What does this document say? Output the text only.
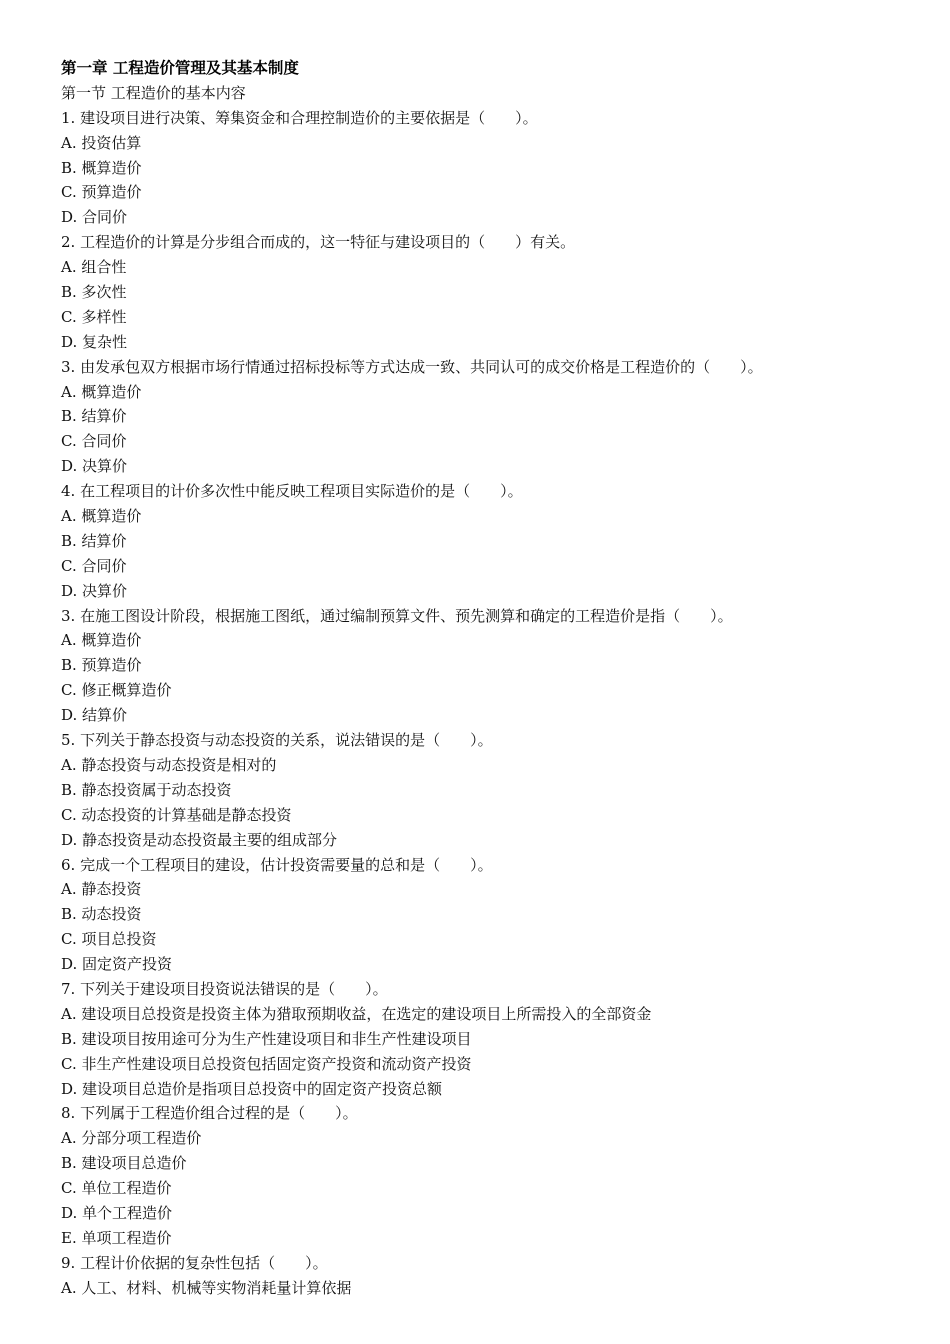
第一章 工程造价管理及其基本制度
第一节 工程造价的基本内容
1. 建设项目进行决策、筹集资金和合理控制造价的主要依据是（　　）。
A. 投资估算
B. 概算造价
C. 预算造价
D. 合同价
2. 工程造价的计算是分步组合而成的，这一特征与建设项目的（　　）有关。
A. 组合性
B. 多次性
C. 多样性
D. 复杂性
3. 由发承包双方根据市场行情通过招标投标等方式达成一致、共同认可的成交价格是工程造价的（　　）。
A. 概算造价
B. 结算价
C. 合同价
D. 决算价
4. 在工程项目的计价多次性中能反映工程项目实际造价的是（　　）。
A. 概算造价
B. 结算价
C. 合同价
D. 决算价
3. 在施工图设计阶段，根据施工图纸，通过编制预算文件、预先测算和确定的工程造价是指（　　）。
A. 概算造价
B. 预算造价
C. 修正概算造价
D. 结算价
5. 下列关于静态投资与动态投资的关系，说法错误的是（　　）。
A. 静态投资与动态投资是相对的
B. 静态投资属于动态投资
C. 动态投资的计算基础是静态投资
D. 静态投资是动态投资最主要的组成部分
6. 完成一个工程项目的建设，估计投资需要量的总和是（　　）。
A. 静态投资
B. 动态投资
C. 项目总投资
D. 固定资产投资
7. 下列关于建设项目投资说法错误的是（　　）。
A. 建设项目总投资是投资主体为猎取预期收益，在选定的建设项目上所需投入的全部资金
B. 建设项目按用途可分为生产性建设项目和非生产性建设项目
C. 非生产性建设项目总投资包括固定资产投资和流动资产投资
D. 建设项目总造价是指项目总投资中的固定资产投资总额
8. 下列属于工程造价组合过程的是（　　）。
A. 分部分项工程造价
B. 建设项目总造价
C. 单位工程造价
D. 单个工程造价
E. 单项工程造价
9. 工程计价依据的复杂性包括（　　）。
A. 人工、材料、机械等实物消耗量计算依据
